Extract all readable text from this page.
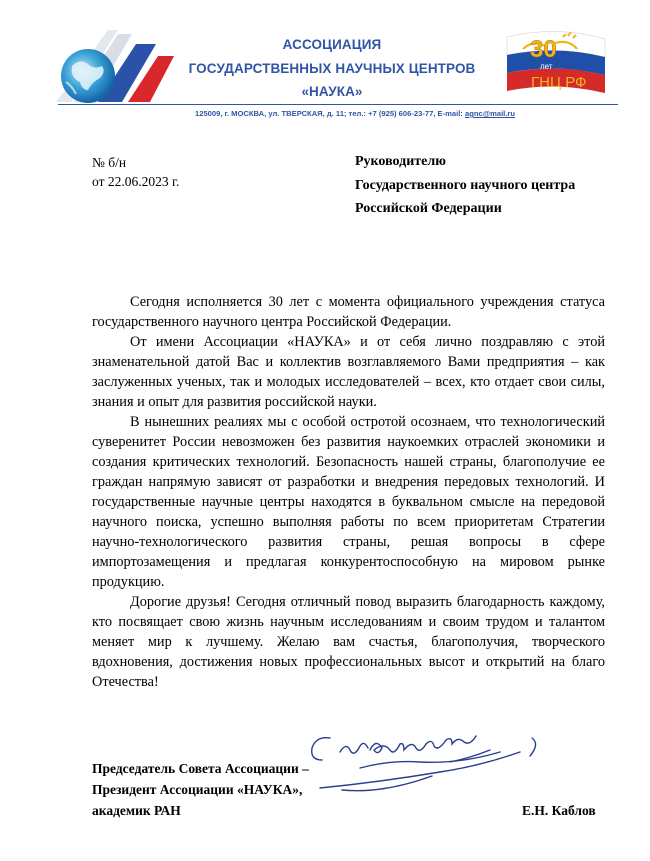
АССОЦИАЦИЯ
ГОСУДАРСТВЕННЫХ НАУЧНЫХ ЦЕНТРОВ
«НАУКА»
30
лет
ГНЦ РФ
125009, г. МОСКВА, ул. ТВЕРСКАЯ, д. 11; тел.: +7 (925) 606-23-77, E-mail: agnc@mail.ru
№ б/н
от 22.06.2023 г.
Руководителю
Государственного научного центра
Российской Федерации

Сегодня исполняется 30 лет с момента официального учреждения статуса государственного научного центра Российской Федерации.

От имени Ассоциации «НАУКА» и от себя лично поздравляю с этой знаменательной датой Вас и коллектив возглавляемого Вами предприятия – как заслуженных ученых, так и молодых исследователей – всех, кто отдает свои силы, знания и опыт для развития российской науки.

В нынешних реалиях мы с особой остротой осознаем, что технологический суверенитет России невозможен без развития наукоемких отраслей экономики и создания критических технологий. Безопасность нашей страны, благополучие ее граждан напрямую зависят от разработки и внедрения передовых технологий. И государственные научные центры находятся в буквальном смысле на передовой научного поиска, успешно выполняя работы по всем приоритетам Стратегии научно-технологического развития страны, решая вопросы в сфере импортозамещения и предлагая конкурентоспособную на мировом рынке продукцию.

Дорогие друзья! Сегодня отличный повод выразить благодарность каждому, кто посвящает свою жизнь научным исследованиям и своим трудом и талантом меняет мир к лучшему. Желаю вам счастья, благополучия, творческого вдохновения, достижения новых профессиональных высот и открытий на благо Отечества!

Председатель Совета Ассоциации –
Президент Ассоциации «НАУКА»,
академик РАН	Е.Н. Каблов
